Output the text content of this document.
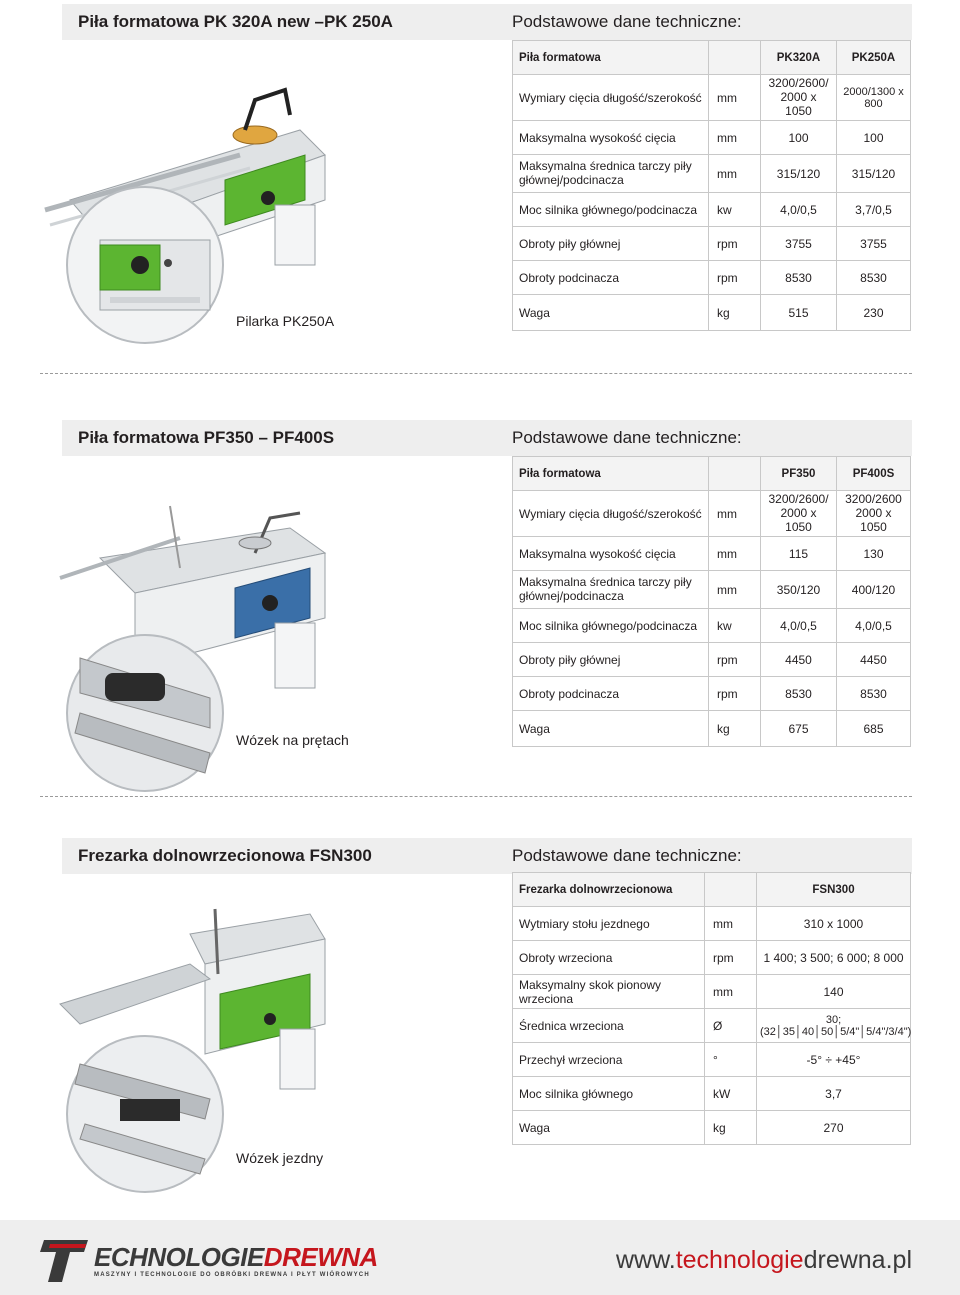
Piła formatowa PK 320A new –PK 250A	Podstawowe dane techniczne:
Pilarka PK250A
Piła formatowa		PK320A	PK250A
Wymiary cięcia długość/szerokość	mm	3200/2600/
2000 x 1050	2000/1300 x 800
Maksymalna wysokość cięcia	mm	100	100
Maksymalna średnica tarczy piły
głównej/podcinacza	mm	315/120	315/120
Moc silnika głównego/podcinacza	kw	4,0/0,5	3,7/0,5
Obroty piły głównej	rpm	3755	3755
Obroty podcinacza	rpm	8530	8530
Waga	kg	515	230
Piła formatowa PF350 – PF400S	Podstawowe dane techniczne:
Wózek na prętach
Piła formatowa		PF350	PF400S
Wymiary cięcia długość/szerokość	mm	3200/2600/
2000 x 1050	3200/2600
2000 x 1050
Maksymalna wysokość cięcia	mm	115	130
Maksymalna średnica tarczy piły
głównej/podcinacza	mm	350/120	400/120
Moc silnika głównego/podcinacza	kw	4,0/0,5	4,0/0,5
Obroty piły głównej	rpm	4450	4450
Obroty podcinacza	rpm	8530	8530
Waga	kg	675	685
Frezarka dolnowrzecionowa FSN300	Podstawowe dane techniczne:
Wózek jezdny
Frezarka dolnowrzecionowa		FSN300
Wytmiary stołu jezdnego	mm	310 x 1000
Obroty wrzeciona	rpm	1 400; 3 500; 6 000; 8 000
Maksymalny skok pionowy wrzeciona	mm	140
Średnica wrzeciona	Ø	30; (32│35│40│50│5/4"│5/4"/3/4")
Przechył wrzeciona	°	-5° ÷ +45°
Moc silnika głównego	kW	3,7
Waga	kg	270
ECHNOLOGIEDREWNA
MASZYNY I TECHNOLOGIE DO OBRÓBKI DREWNA I PŁYT WIÓROWYCH
www.technologiedrewna.pl
